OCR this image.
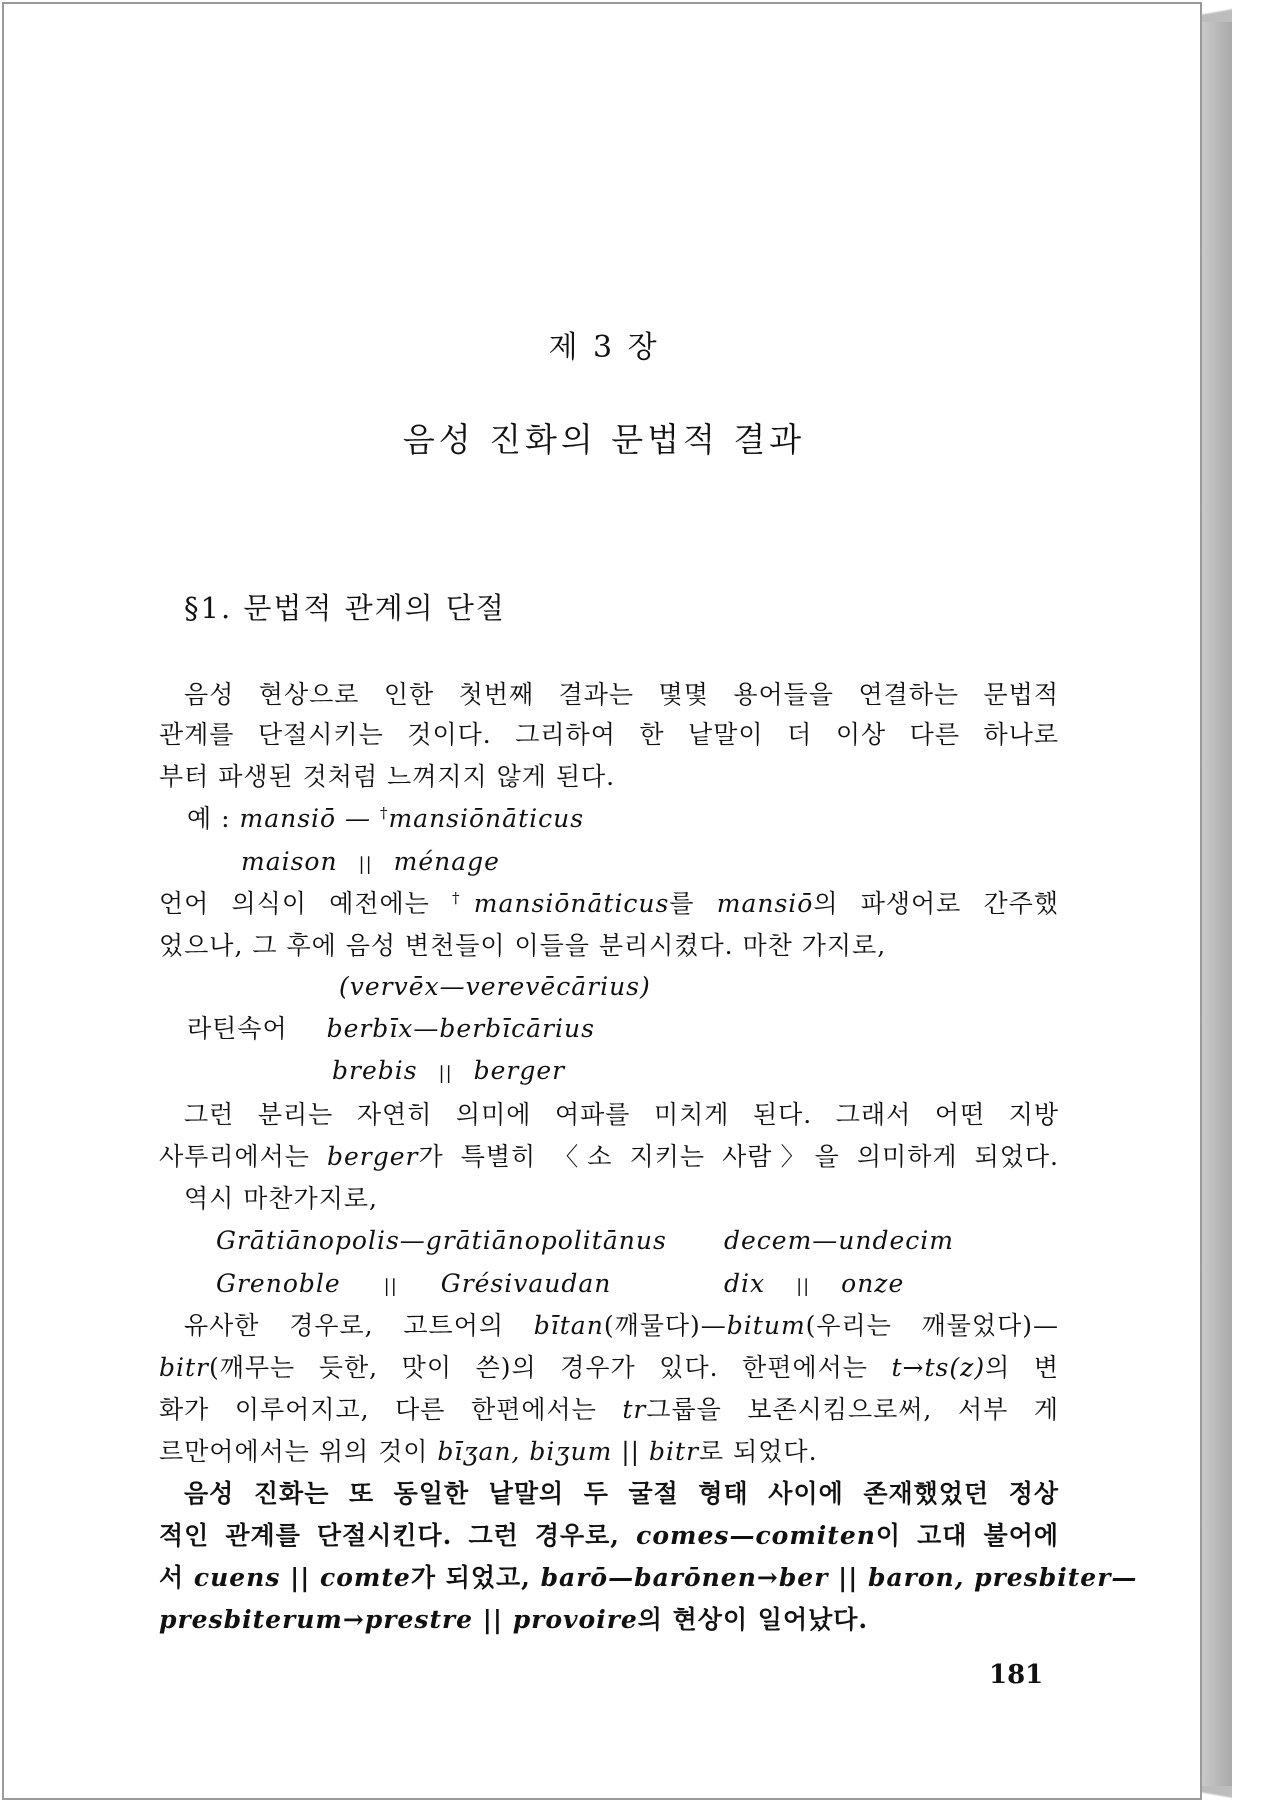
제 3 장
음성 진화의 문법적 결과
§1. 문법적 관계의 단절
음성 현상으로 인한 첫번째 결과는 몇몇 용어들을 연결하는 문법적
관계를 단절시키는 것이다. 그리하여 한 낱말이 더 이상 다른 하나로
부터 파생된 것처럼 느껴지지 않게 된다.
예 : mansiō — †mansiōnāticus
maison || ménage
언어 의식이 예전에는 †mansiōnāticus를 mansiō의 파생어로 간주했
었으나, 그 후에 음성 변천들이 이들을 분리시켰다. 마찬 가지로,
(vervēx—verevēcārius)
라틴속어 berbīx—berbīcārius
brebis || berger
그런 분리는 자연히 의미에 여파를 미치게 된다. 그래서 어떤 지방
사투리에서는 berger가 특별히 〈소 지키는 사람〉을 의미하게 되었다.
역시 마찬가지로,
Grātiānopolis—grātiānopolitānus decem—undecim
Grenoble || Grésivaudan	dix || onze
유사한 경우로, 고트어의 bītan(깨물다)—bitum(우리는 깨물었다)—
bitr(깨무는 듯한, 맛이 쓴)의 경우가 있다. 한편에서는 t→ts(z)의 변
화가 이루어지고, 다른 한편에서는 tr그룹을 보존시킴으로써, 서부 게
르만어에서는 위의 것이 bīʒan, biʒum || bitr로 되었다.
음성 진화는 또 동일한 낱말의 두 굴절 형태 사이에 존재했었던 정상
적인 관계를 단절시킨다. 그런 경우로, comes—comiten이 고대 불어에
서 cuens || comte가 되었고, barō—barōnen→ber || baron, presbiter—
presbiterum→prestre || provoire의 현상이 일어났다.
181
